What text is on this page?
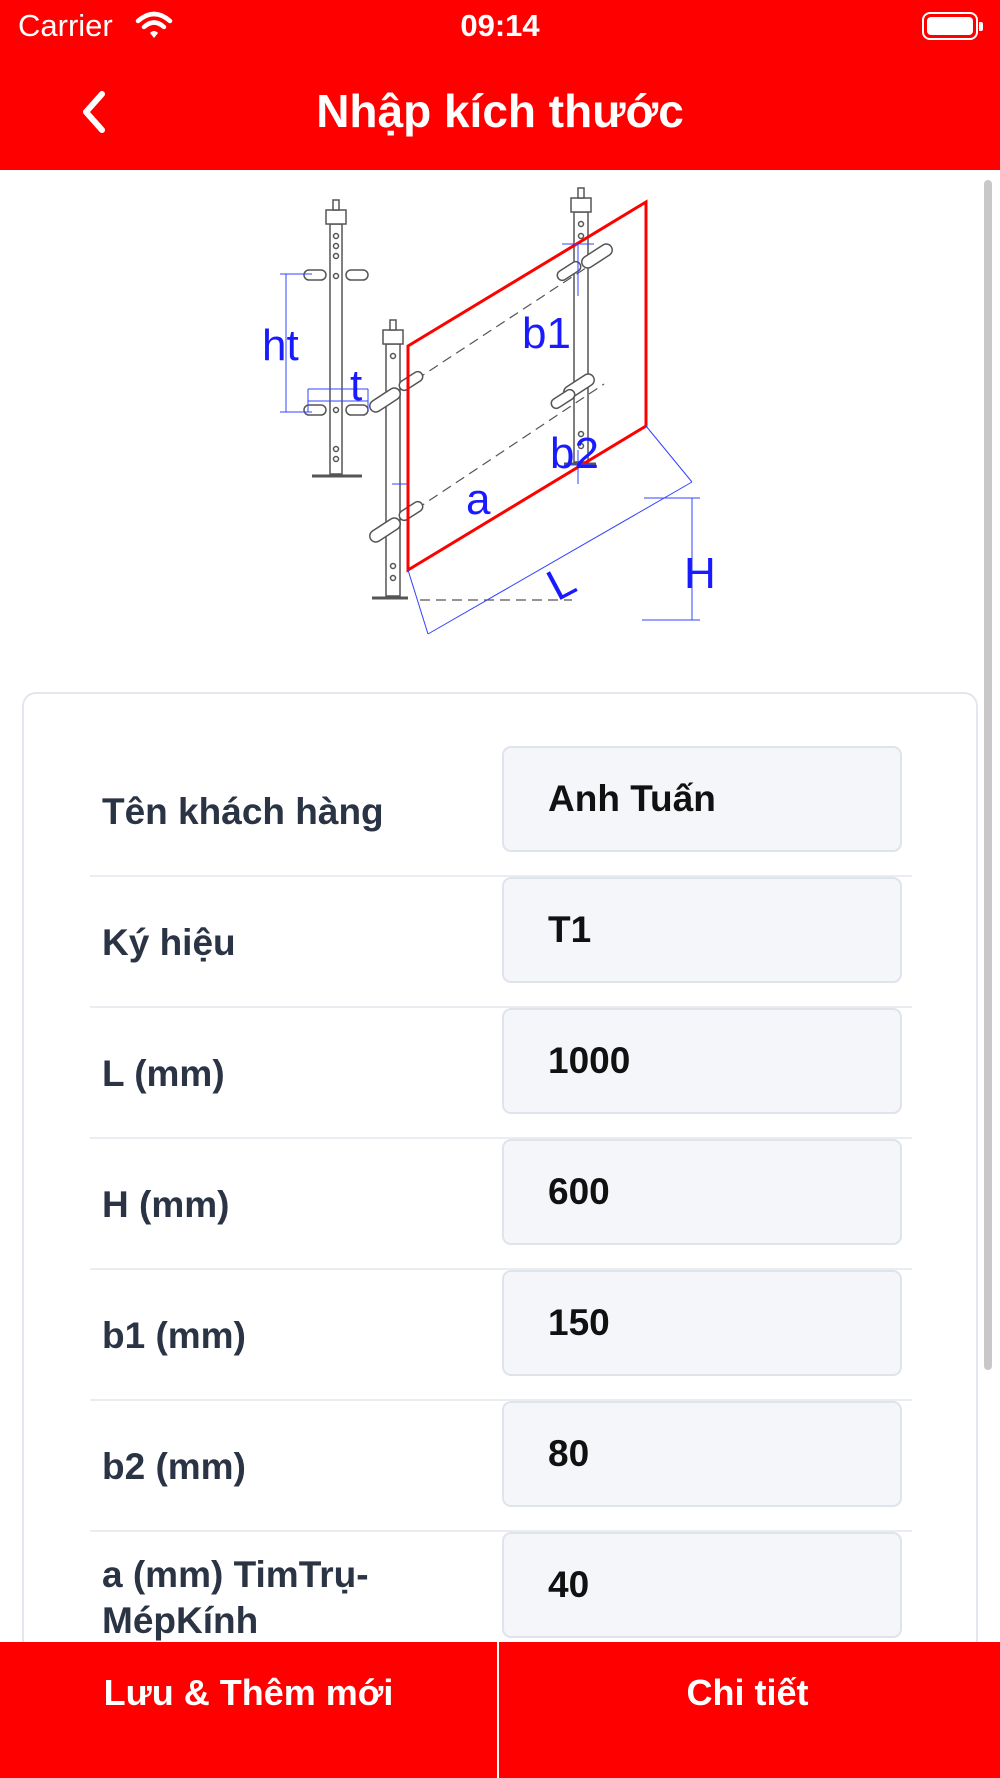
Carrier	09:14
Nhập kích thước
ht
t
b1
b2
a
L H
Tên khách hàng
Anh Tuấn
Ký hiệu
T1
L (mm)
1000
H (mm)
600
b1 (mm)
150
b2 (mm)
80
a (mm) TimTrụ-MépKính
40
Lưu & Thêm mới	Chi tiết
